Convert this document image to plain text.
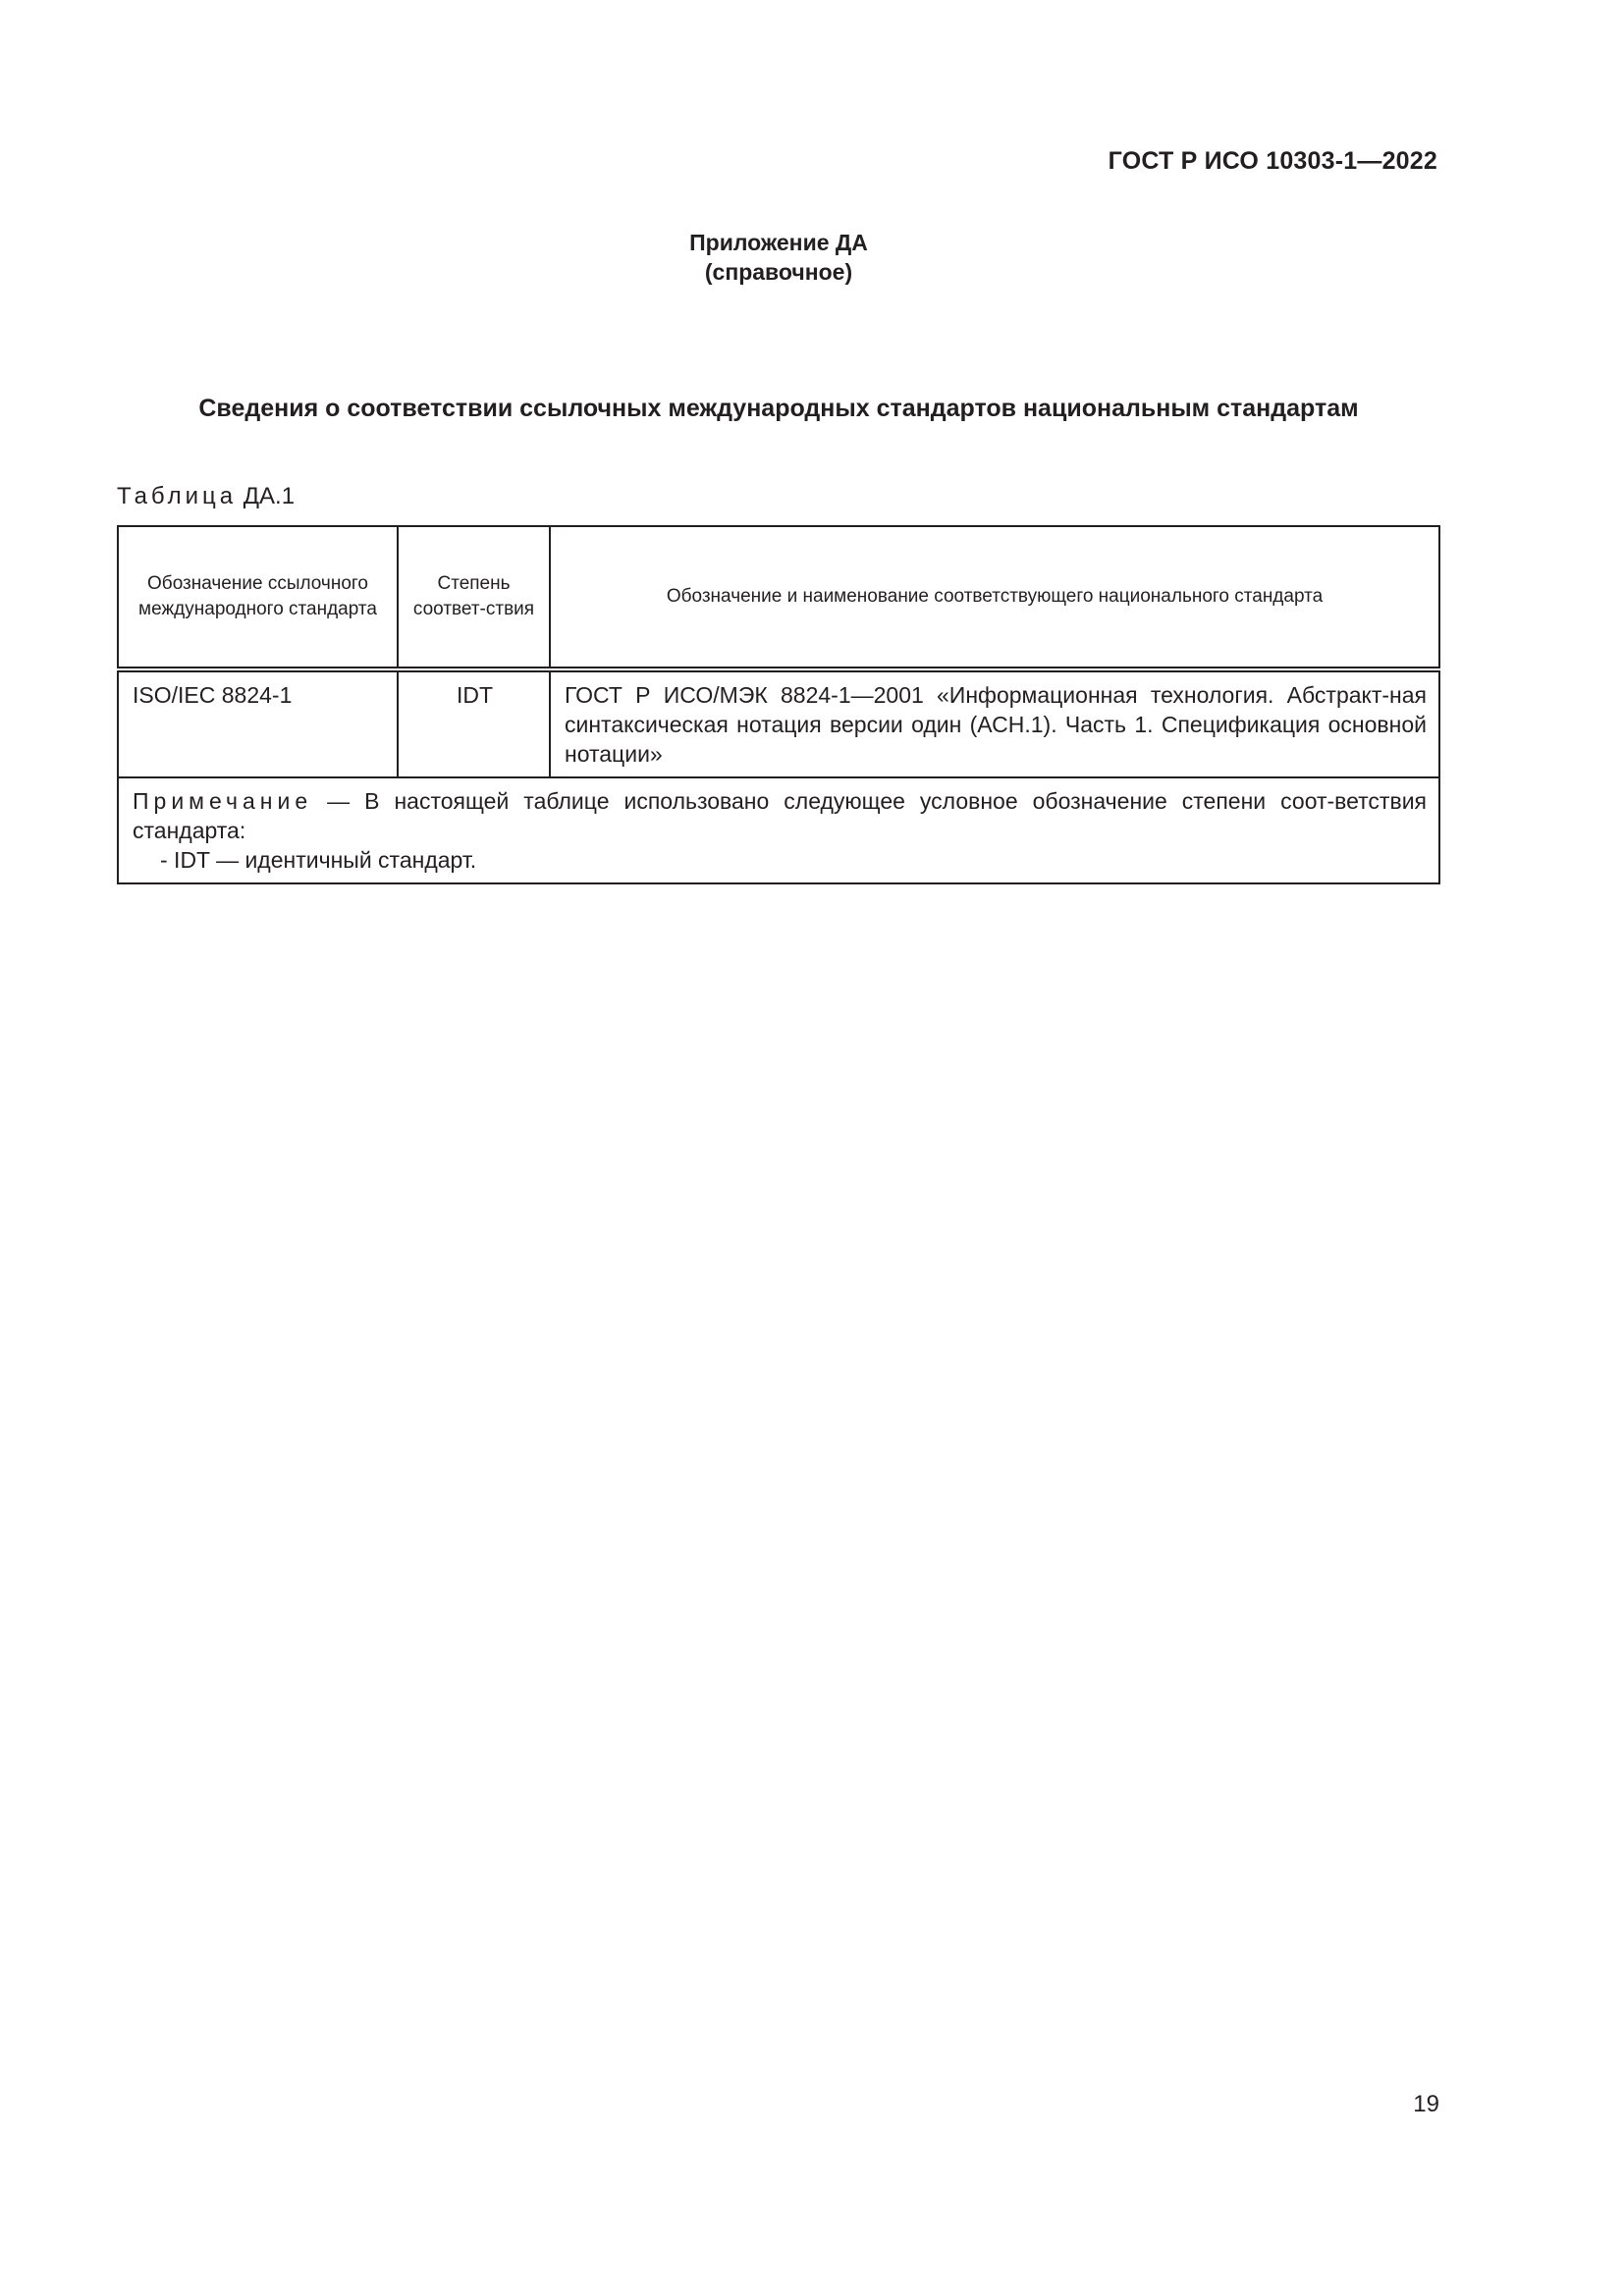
ГОСТ Р ИСО 10303-1—2022
Приложение ДА
(справочное)
Сведения о соответствии ссылочных международных стандартов национальным стандартам
Таблица ДА.1
Обозначение ссылочного международного стандарта	Степень соответ-ствия	Обозначение и наименование соответствующего национального стандарта
ISO/IEC 8824-1	IDT	ГОСТ Р ИСО/МЭК 8824-1—2001 «Информационная технология. Абстракт-ная синтаксическая нотация версии один (АСН.1). Часть 1. Спецификация основной нотации»

Примечание — В настоящей таблице использовано следующее условное обозначение степени соот-ветствия стандарта:
- IDT — идентичный стандарт.		
19
